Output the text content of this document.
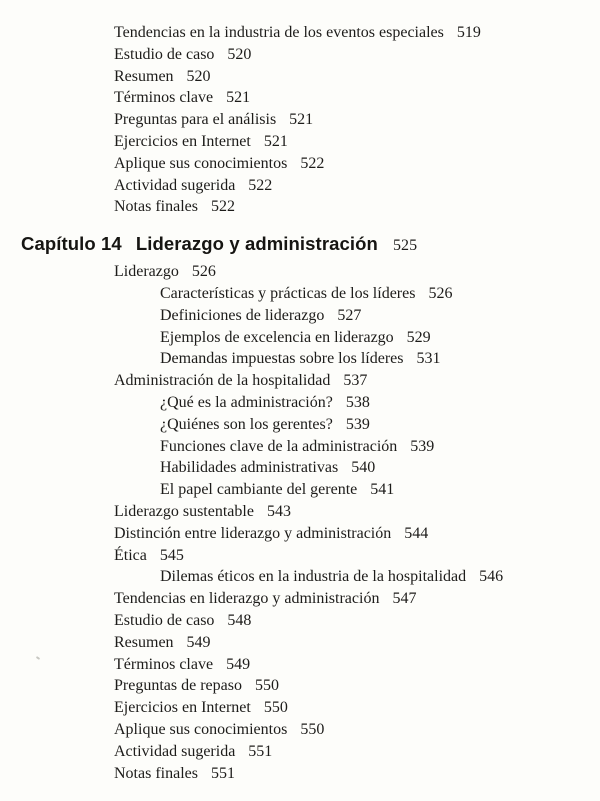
Tendencias en la industria de los eventos especiales 519
Estudio de caso 520
Resumen 520
Términos clave 521
Preguntas para el análisis 521
Ejercicios en Internet 521
Aplique sus conocimientos 522
Actividad sugerida 522
Notas finales 522
Capítulo 14 Liderazgo y administración 525
Liderazgo 526
Características y prácticas de los líderes 526
Definiciones de liderazgo 527
Ejemplos de excelencia en liderazgo 529
Demandas impuestas sobre los líderes 531
Administración de la hospitalidad 537
¿Qué es la administración? 538
¿Quiénes son los gerentes? 539
Funciones clave de la administración 539
Habilidades administrativas 540
El papel cambiante del gerente 541
Liderazgo sustentable 543
Distinción entre liderazgo y administración 544
Ética 545
Dilemas éticos en la industria de la hospitalidad 546
Tendencias en liderazgo y administración 547
Estudio de caso 548
Resumen 549
Términos clave 549
Preguntas de repaso 550
Ejercicios en Internet 550
Aplique sus conocimientos 550
Actividad sugerida 551
Notas finales 551
